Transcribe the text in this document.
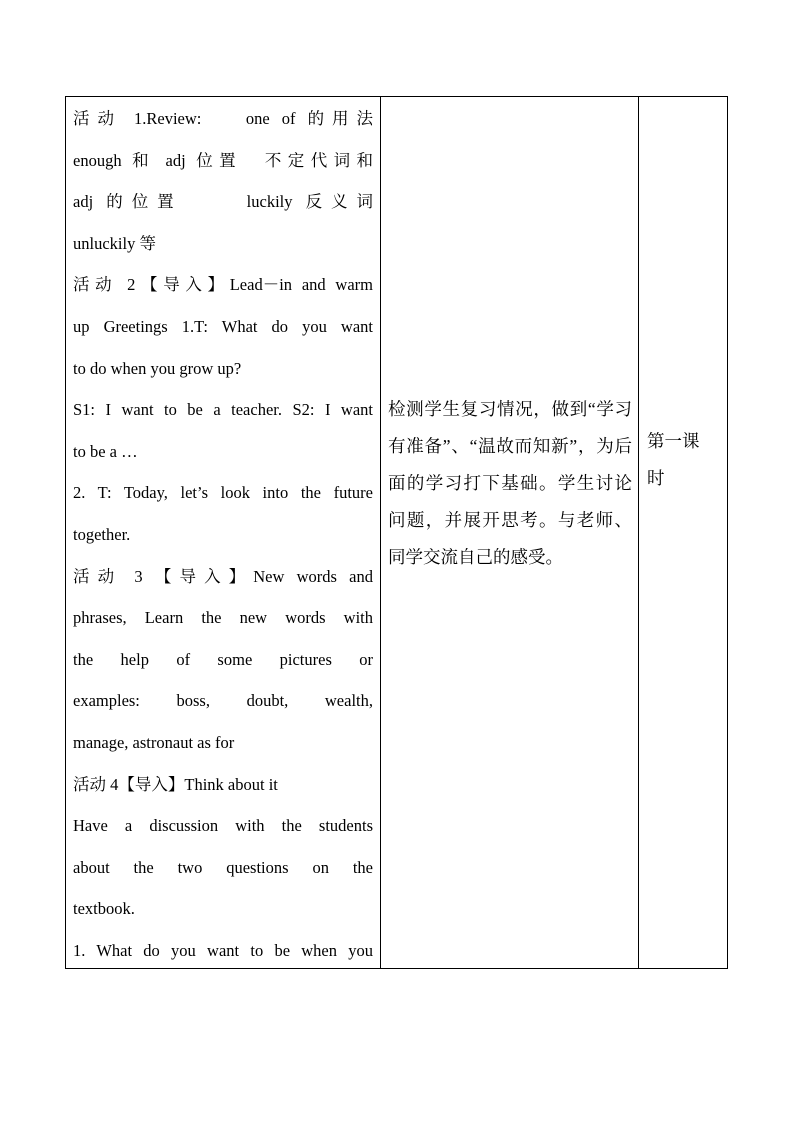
活动 1.Review:　 one of 的用法

enough 和 adj 位置　不定代词和

adj 的位置　　 luckily 反义词

unluckily 等

活动 2【导入】Lead－in and warm

up Greetings 1.T: What do you want

to do when you grow up?

S1: I want to be a teacher. S2: I want

to be a …

2. T: Today, let’s look into the future

together.

活动 3 【导入】New words and

phrases, Learn the new words with

the help of some pictures or

examples: boss, doubt, wealth,

manage, astronaut as for

活动 4【导入】Think about it

Have a discussion with the students

about the two questions on the

textbook.

1. What do you want to be when you

检测学生复习情况，做到“学习有准备”、“温故而知新”，为后面的学习打下基础。学生讨论问题，并展开思考。与老师、同学交流自己的感受。
第一课
时
